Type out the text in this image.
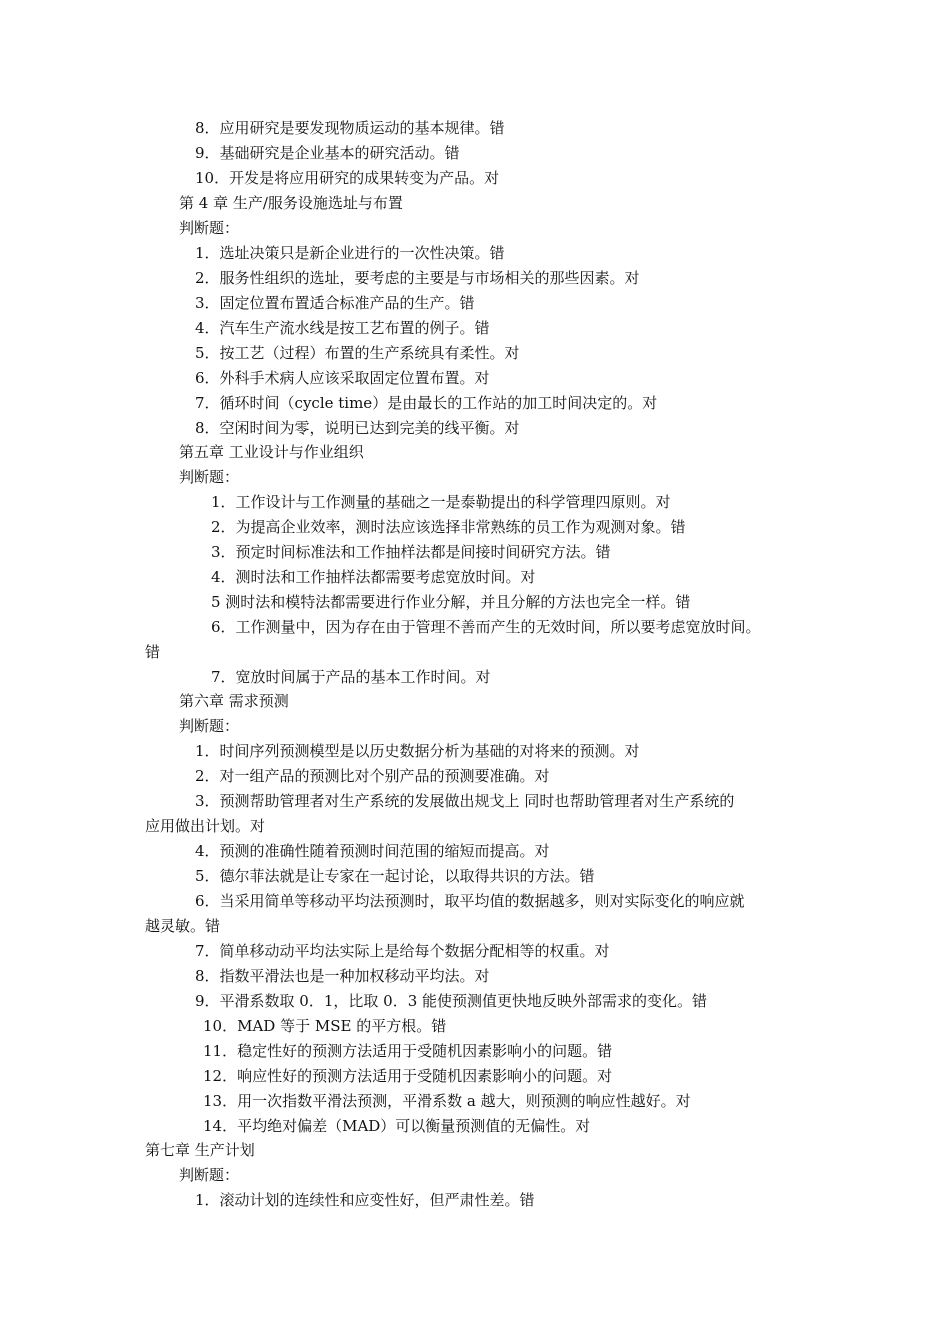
8．应用研究是要发现物质运动的基本规律。错
9．基础研究是企业基本的研究活动。错
10．开发是将应用研究的成果转变为产品。对
第 4 章 生产/服务设施选址与布置
判断题：
1．选址决策只是新企业进行的一次性决策。错
2．服务性组织的选址，要考虑的主要是与市场相关的那些因素。对
3．固定位置布置适合标准产品的生产。错
4．汽车生产流水线是按工艺布置的例子。错
5．按工艺（过程）布置的生产系统具有柔性。对
6．外科手术病人应该采取固定位置布置。对
7．循环时间（cycle time）是由最长的工作站的加工时间决定的。对
8．空闲时间为零，说明已达到完美的线平衡。对
第五章 工业设计与作业组织
判断题：
1．工作设计与工作测量的基础之一是泰勒提出的科学管理四原则。对
2．为提高企业效率，测时法应该选择非常熟练的员工作为观测对象。错
3．预定时间标准法和工作抽样法都是间接时间研究方法。错
4．测时法和工作抽样法都需要考虑宽放时间。对
5 测时法和模特法都需要进行作业分解，并且分解的方法也完全一样。错
6．工作测量中，因为存在由于管理不善而产生的无效时间，所以要考虑宽放时间。
错
7．宽放时间属于产品的基本工作时间。对
第六章 需求预测
判断题：
1．时间序列预测模型是以历史数据分析为基础的对将来的预测。对
2．对一组产品的预测比对个别产品的预测要准确。对
3．预测帮助管理者对生产系统的发展做出规戈上 同时也帮助管理者对生产系统的
应用做出计划。对
4．预测的准确性随着预测时间范围的缩短而提高。对
5．德尔菲法就是让专家在一起讨论，以取得共识的方法。错
6．当采用简单等移动平均法预测时，取平均值的数据越多，则对实际变化的响应就
越灵敏。错
7．简单移动动平均法实际上是给每个数据分配相等的权重。对
8．指数平滑法也是一种加权移动平均法。对
9．平滑系数取 0．1，比取 0．3 能使预测值更快地反映外部需求的变化。错
10．MAD 等于 MSE 的平方根。错
11．稳定性好的预测方法适用于受随机因素影响小的问题。错
12．响应性好的预测方法适用于受随机因素影响小的问题。对
13．用一次指数平滑法预测，平滑系数 a 越大，则预测的响应性越好。对
14．平均绝对偏差（MAD）可以衡量预测值的无偏性。对
第七章 生产计划
判断题：
1．滚动计划的连续性和应变性好，但严肃性差。错
